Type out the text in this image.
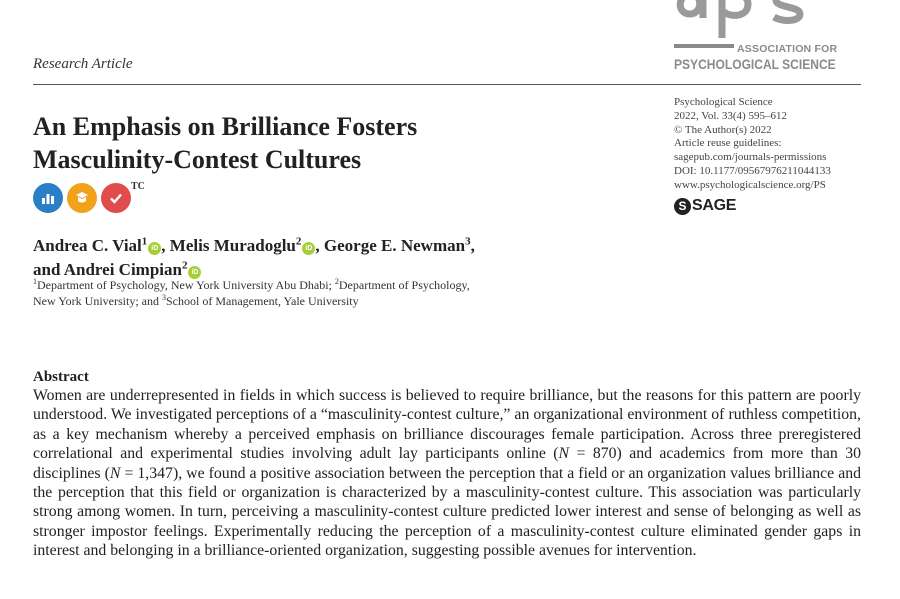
ASSOCIATION FOR
PSYCHOLOGICAL SCIENCE
Research Article
An Emphasis on Brilliance Fosters
Masculinity-Contest Cultures
TC
Psychological Science
2022, Vol. 33(4) 595–612
© The Author(s) 2022
Article reuse guidelines:
sagepub.com/journals-permissions
DOI: 10.1177/09567976211044133
www.psychologicalscience.org/PS
S SAGE
Andrea C. Vial$^1$iD , Melis Muradoglu$^2$iD , George E. Newman$^3$,
and Andrei Cimpian$^2$iD
$^1$Department of Psychology, New York University Abu Dhabi; $^2$Department of Psychology,
New York University; and $^3$School of Management, Yale University
Abstract

Women are underrepresented in fields in which success is believed to require brilliance, but the reasons for this pattern are poorly understood. We investigated perceptions of a “masculinity-contest culture,” an organizational environment of ruthless competition, as a key mechanism whereby a perceived emphasis on brilliance discourages female participation. Across three preregistered correlational and experimental studies involving adult lay participants online (N = 870) and academics from more than 30 disciplines (N = 1,347), we found a positive association between the perception that a field or an organization values brilliance and the perception that this field or organization is characterized by a masculinity-contest culture. This association was particularly strong among women. In turn, perceiving a masculinity-contest culture predicted lower interest and sense of belonging as well as stronger impostor feelings. Experimentally reducing the perception of a masculinity-contest culture eliminated gender gaps in interest and belonging in a brilliance-oriented organization, suggesting possible avenues for intervention.
